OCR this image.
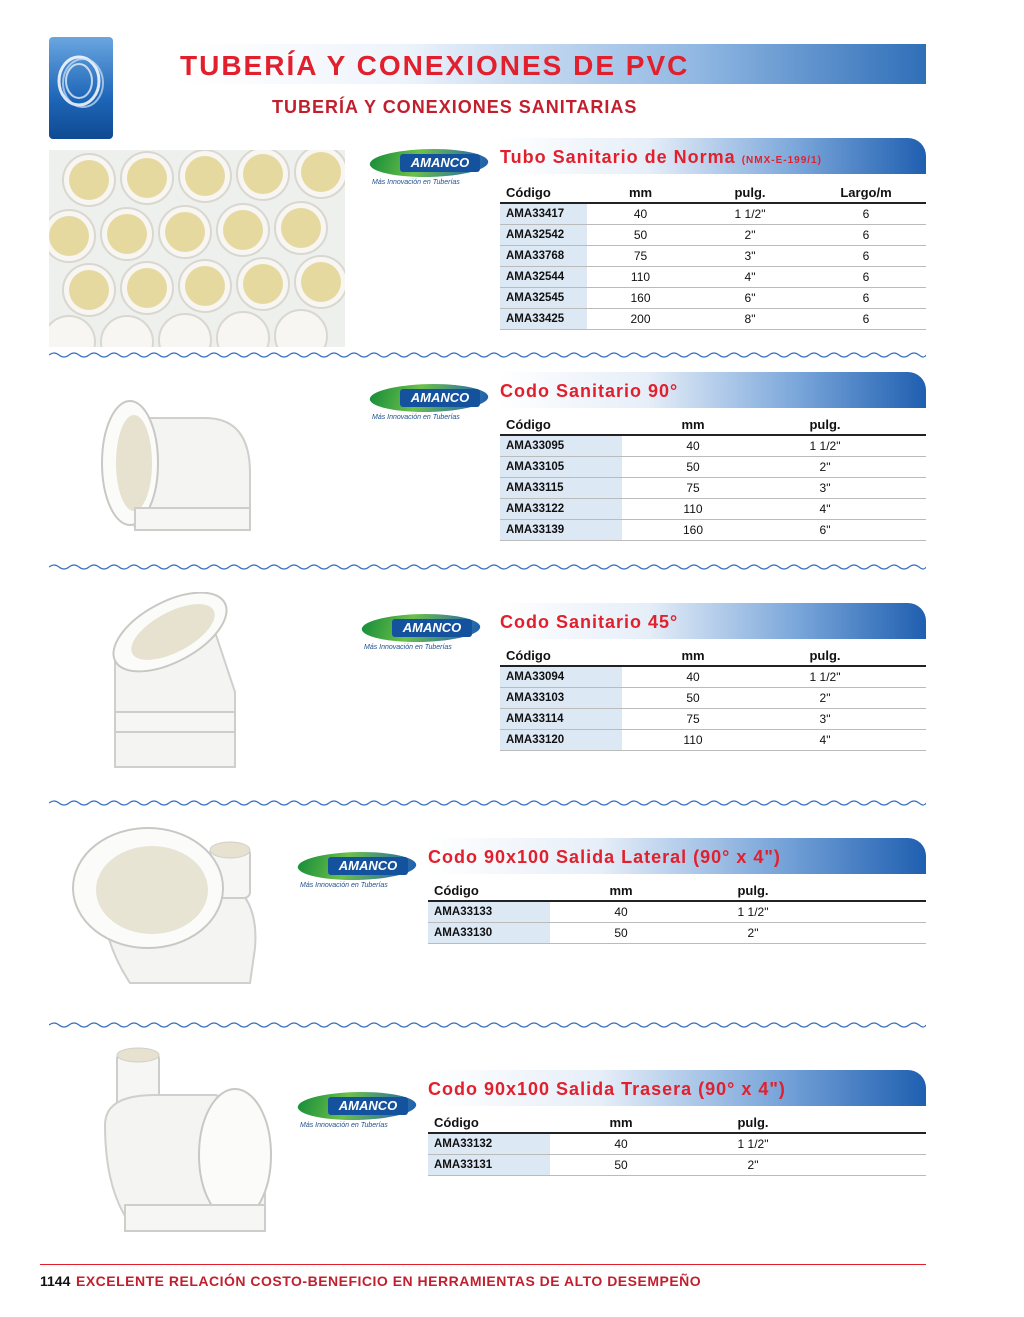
TUBERÍA Y CONEXIONES DE PVC
TUBERÍA Y CONEXIONES SANITARIAS
AMANCO
Más Innovación en Tuberías
Tubo Sanitario de Norma (NMX-E-199/1)
Código	mm	pulg.	Largo/m
AMA33417	40	1 1/2"	6
AMA32542	50	2"	6
AMA33768	75	3"	6
AMA32544	110	4"	6
AMA32545	160	6"	6
AMA33425	200	8"	6
AMANCO
Más Innovación en Tuberías
Codo Sanitario 90°
Código	mm	pulg.	
AMA33095	40	1 1/2"	
AMA33105	50	2"	
AMA33115	75	3"	
AMA33122	110	4"	
AMA33139	160	6"	
AMANCO
Más Innovación en Tuberías
Codo Sanitario 45°
Código	mm	pulg.	
AMA33094	40	1 1/2"	
AMA33103	50	2"	
AMA33114	75	3"	
AMA33120	110	4"	
AMANCO
Más Innovación en Tuberías
Codo 90x100 Salida Lateral (90° x 4")
Código	mm	pulg.	
AMA33133	40	1 1/2"	
AMA33130	50	2"	
AMANCO
Más Innovación en Tuberías
Codo 90x100 Salida Trasera (90° x 4")
Código	mm	pulg.	
AMA33132	40	1 1/2"	
AMA33131	50	2"	
1144 EXCELENTE RELACIÓN COSTO-BENEFICIO EN HERRAMIENTAS DE ALTO DESEMPEÑO
